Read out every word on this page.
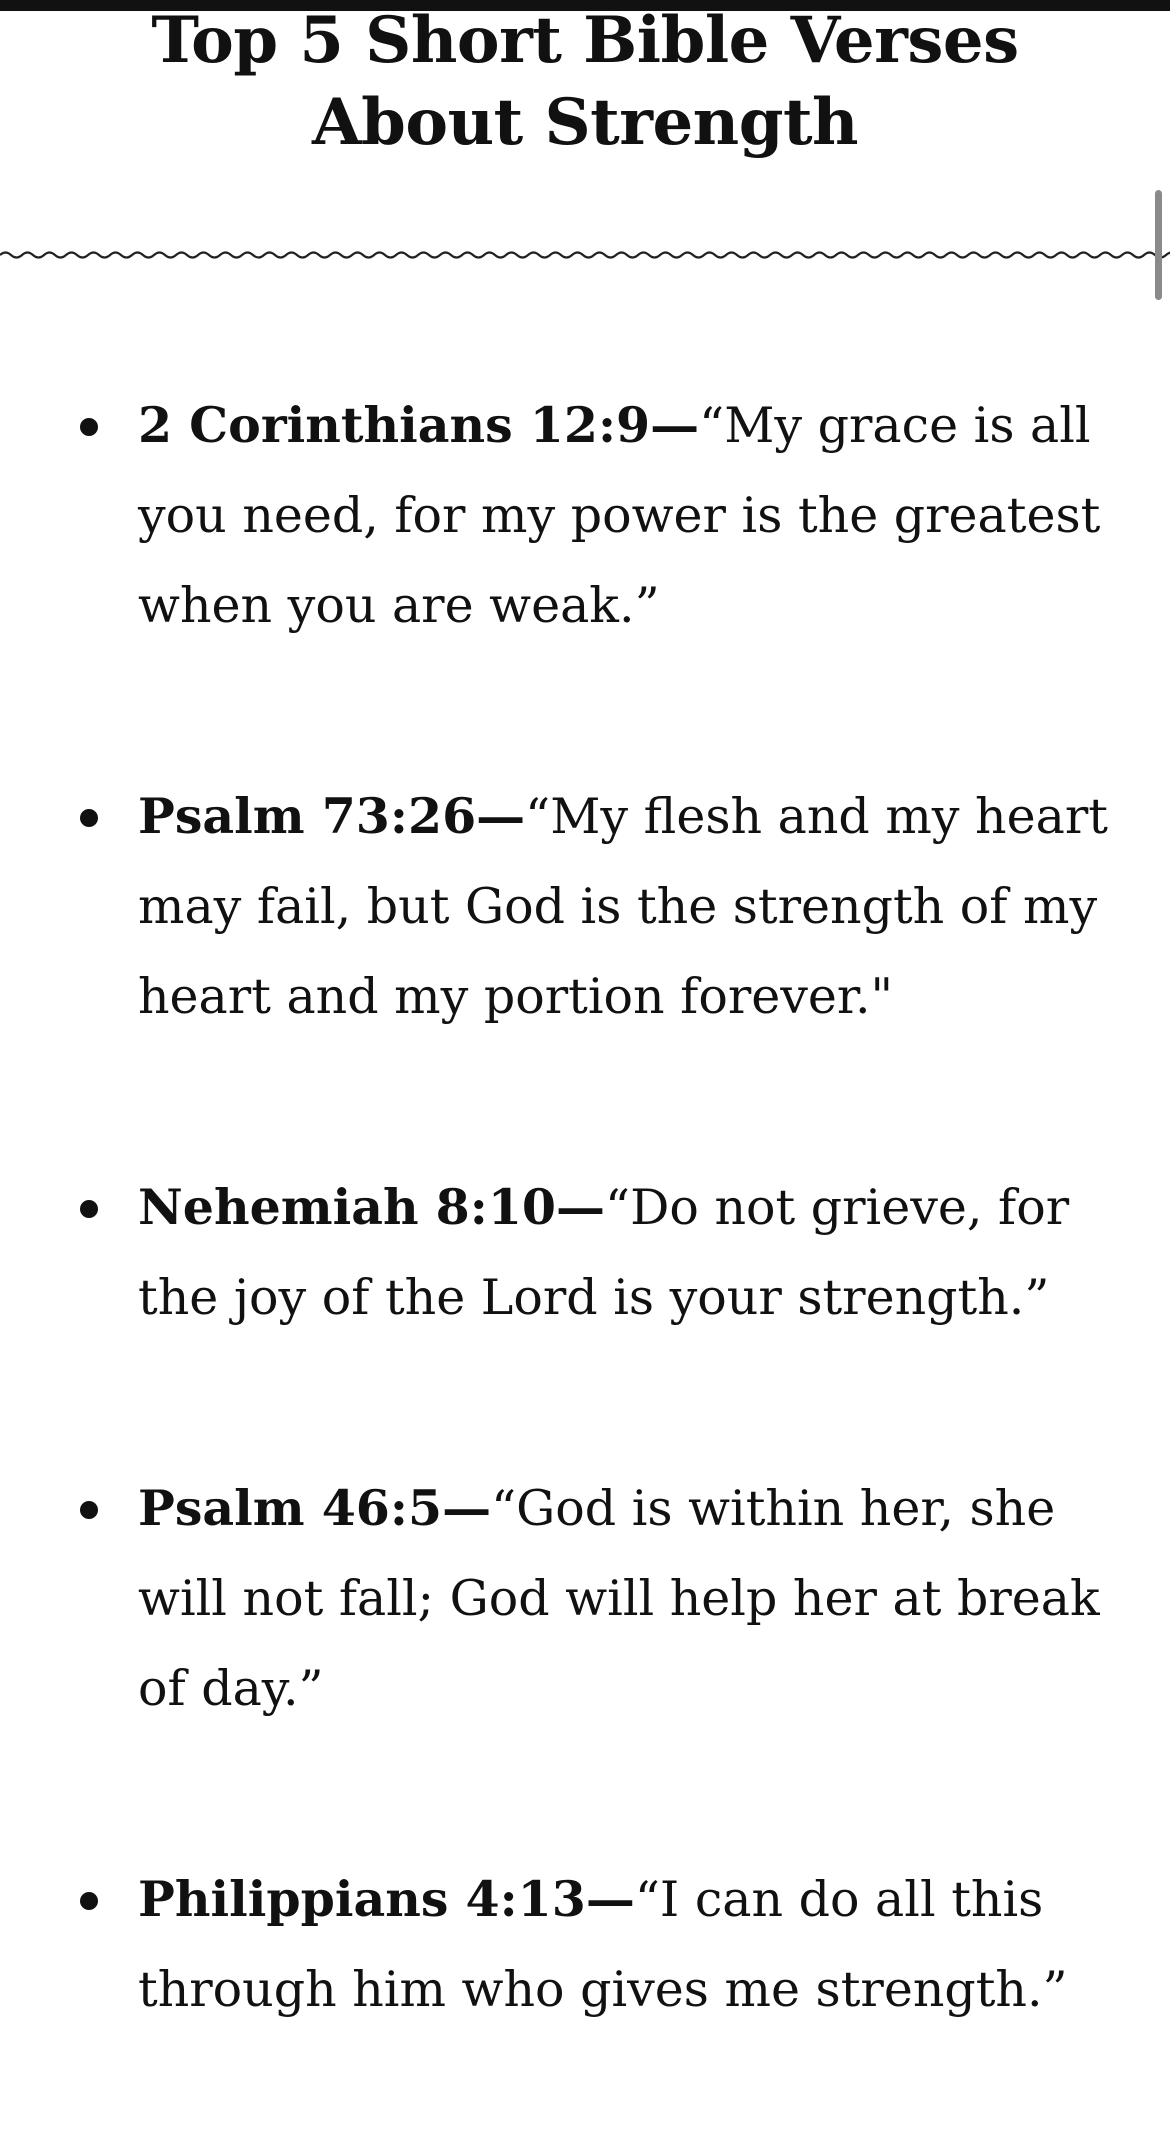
Top 5 Short Bible Verses About Strength
2 Corinthians 12:9—“My grace is all you need, for my power is the greatest when you are weak.”
Psalm 73:26—“My flesh and my heart may fail, but God is the strength of my heart and my portion forever."
Nehemiah 8:10—“Do not grieve, for the joy of the Lord is your strength.”
Psalm 46:5—“God is within her, she will not fall; God will help her at break of day.”
Philippians 4:13—“I can do all this through him who gives me strength.”
